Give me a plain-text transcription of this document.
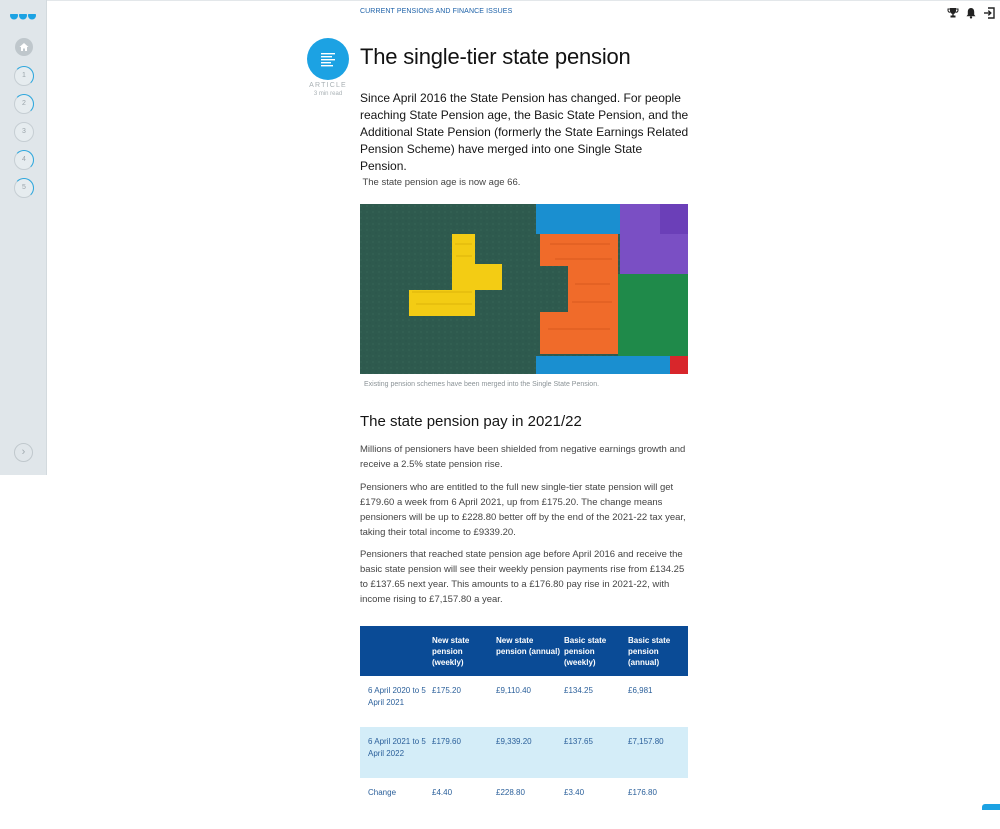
1
2
3
4
5
›
CURRENT PENSIONS AND FINANCE ISSUES
ARTICLE
3 min read
The single-tier state pension

Since April 2016 the State Pension has changed. For people reaching State Pension age, the Basic State Pension, and the Additional State Pension (formerly the State Earnings Related Pension Scheme) have merged into one Single State Pension.

The state pension age is now age 66.

Existing pension schemes have been merged into the Single State Pension.
The state pension pay in 2021/22

Millions of pensioners have been shielded from negative earnings growth and receive a 2.5% state pension rise.

Pensioners who are entitled to the full new single-tier state pension will get £179.60 a week from 6 April 2021, up from £175.20. The change means pensioners will be up to £228.80 better off by the end of the 2021-22 tax year, taking their total income to £9339.20.

Pensioners that reached state pension age before April 2016 and receive the basic state pension will see their weekly pension payments rise from £134.25 to £137.65 next year. This amounts to a £176.80 pay rise in 2021-22, with income rising to £7,157.80 a year.

	New state pension (weekly)	New state pension (annual)	Basic state pension (weekly)	Basic state pension (annual)
6 April 2020 to 5 April 2021	£175.20	£9,110.40	£134.25	£6,981
6 April 2021 to 5 April 2022	£179.60	£9,339.20	£137.65	£7,157.80
Change	£4.40	£228.80	£3.40	£176.80
